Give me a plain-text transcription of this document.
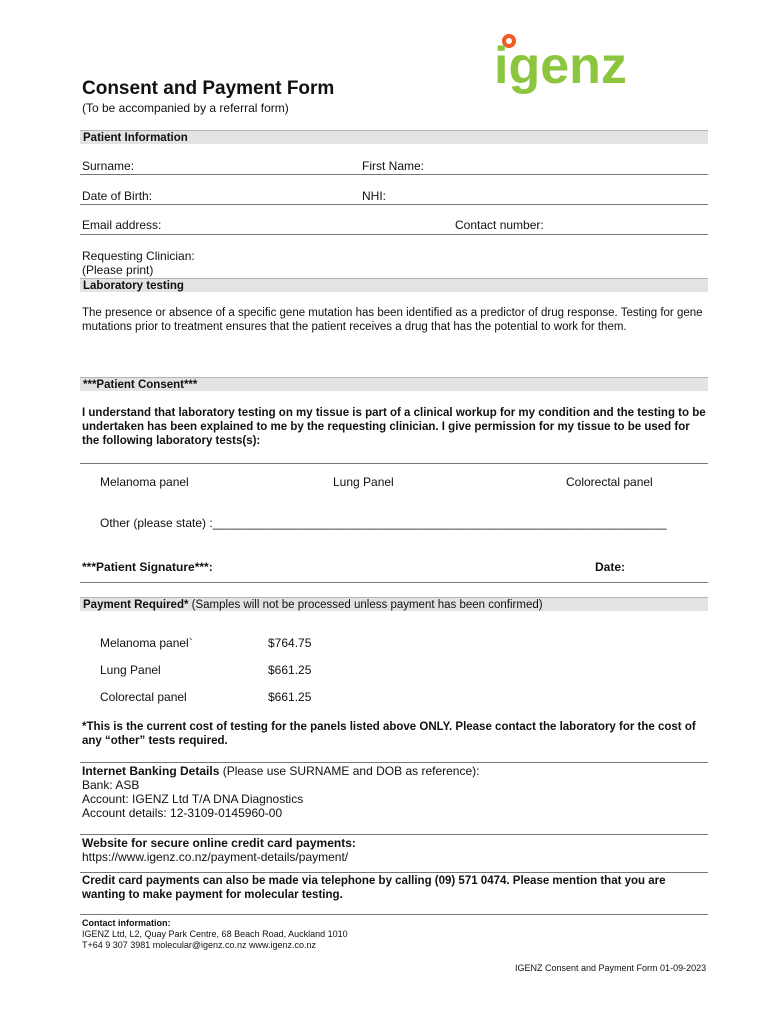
igenz
Consent and Payment Form
(To be accompanied by a referral form)
Patient Information
Surname:	First Name:
Date of Birth:	NHI:
Email address:	Contact number:
Requesting Clinician:
(Please print)
Laboratory testing
The presence or absence of a specific gene mutation has been identified as a predictor of drug response. Testing for gene mutations prior to treatment ensures that the patient receives a drug that has the potential to work for them.
***Patient Consent***
I understand that laboratory testing on my tissue is part of a clinical workup for my condition and the testing to be undertaken has been explained to me by the requesting clinician. I give permission for my tissue to be used for the following laboratory tests(s):
Melanoma panel	Lung Panel	Colorectal panel
Other (please state) :____________________________________________________________________
***Patient Signature***:	Date:
Payment Required* (Samples will not be processed unless payment has been confirmed)
Melanoma panel`	$764.75
Lung Panel	$661.25
Colorectal panel	$661.25
*This is the current cost of testing for the panels listed above ONLY. Please contact the laboratory for the cost of any “other” tests required.
Internet Banking Details (Please use SURNAME and DOB as reference):
Bank: ASB
Account: IGENZ Ltd T/A DNA Diagnostics
Account details: 12-3109-0145960-00
Website for secure online credit card payments:
https://www.igenz.co.nz/payment-details/payment/
Credit card payments can also be made via telephone by calling (09) 571 0474. Please mention that you are wanting to make payment for molecular testing.
Contact information:
IGENZ Ltd, L2, Quay Park Centre, 68 Beach Road, Auckland 1010
T+64 9 307 3981 molecular@igenz.co.nz www.igenz.co.nz
IGENZ Consent and Payment Form 01-09-2023
